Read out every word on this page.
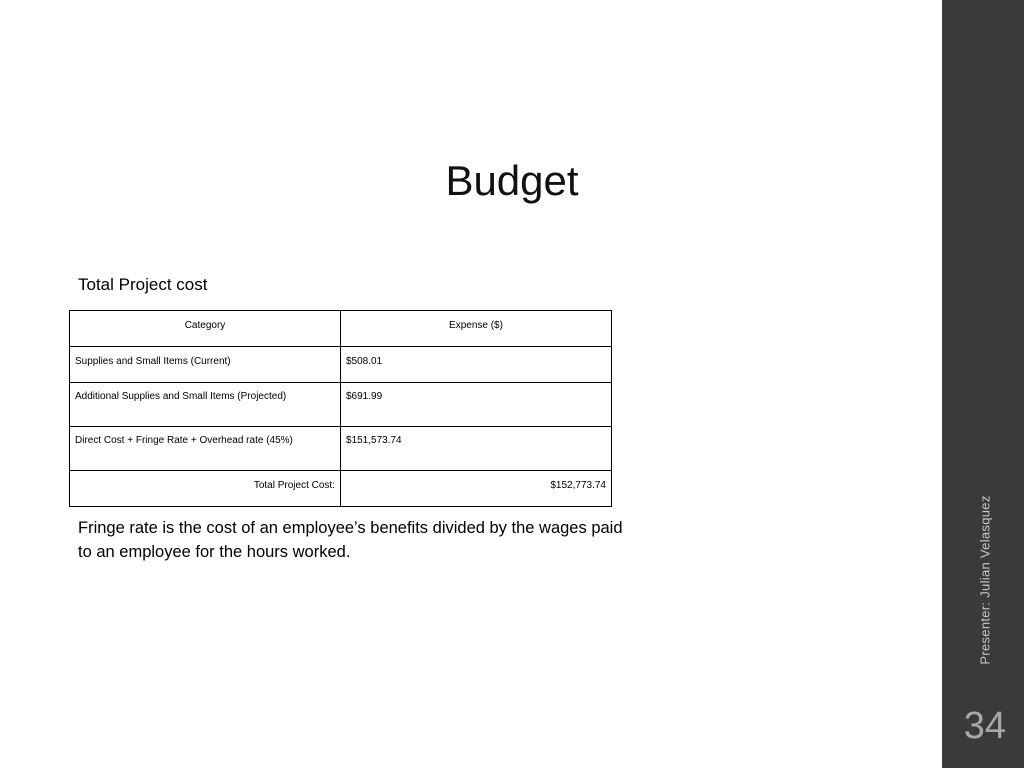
Budget
Total Project cost
Category	Expense ($)
Supplies and Small Items (Current)	$508.01
Additional Supplies and Small Items (Projected)	$691.99
Direct Cost + Fringe Rate + Overhead rate (45%)	$151,573.74
Total Project Cost:	$152,773.74
Fringe rate is the cost of an employee’s benefits divided by the wages paid to an employee for the hours worked.	Presenter: Julian Velasquez
34
